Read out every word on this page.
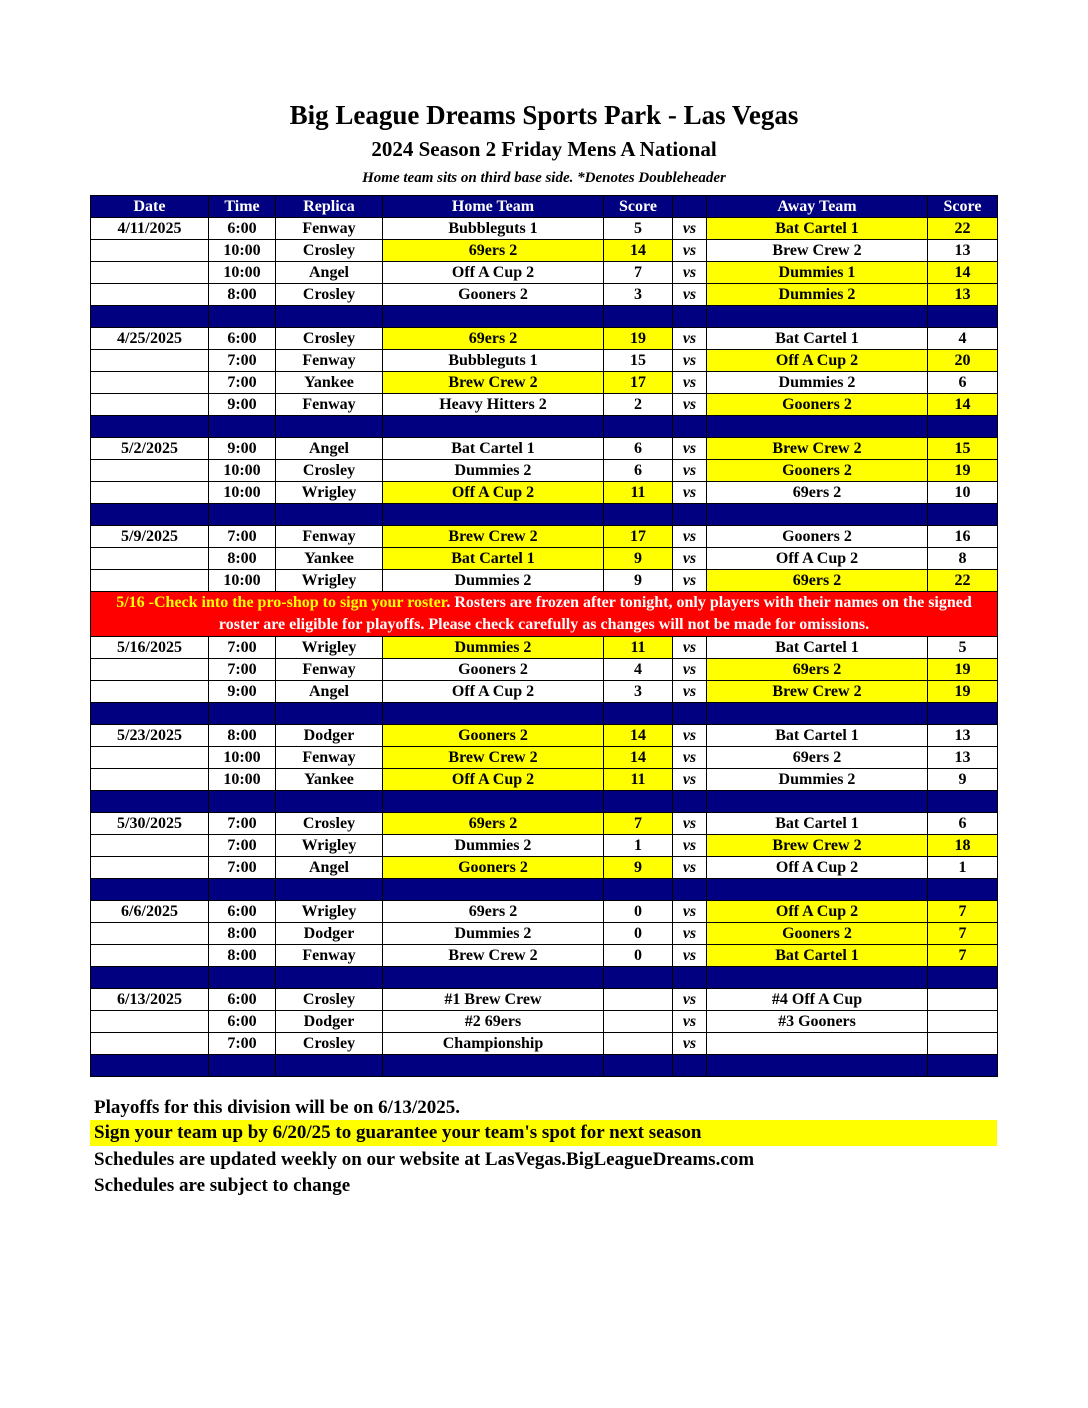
Big League Dreams Sports Park - Las Vegas
2024 Season 2 Friday Mens A National
Home team sits on third base side. *Denotes Doubleheader
Date	Time	Replica	Home Team	Score		Away Team	Score
4/11/2025	6:00	Fenway	Bubbleguts 1	5	vs	Bat Cartel 1	22
	10:00	Crosley	69ers 2	14	vs	Brew Crew 2	13
	10:00	Angel	Off A Cup 2	7	vs	Dummies 1	14
	8:00	Crosley	Gooners 2	3	vs	Dummies 2	13

4/25/2025	6:00	Crosley	69ers 2	19	vs	Bat Cartel 1	4
	7:00	Fenway	Bubbleguts 1	15	vs	Off A Cup 2	20
	7:00	Yankee	Brew Crew 2	17	vs	Dummies 2	6
	9:00	Fenway	Heavy Hitters 2	2	vs	Gooners 2	14

5/2/2025	9:00	Angel	Bat Cartel 1	6	vs	Brew Crew 2	15
	10:00	Crosley	Dummies 2	6	vs	Gooners 2	19
	10:00	Wrigley	Off A Cup 2	11	vs	69ers 2	10

5/9/2025	7:00	Fenway	Brew Crew 2	17	vs	Gooners 2	16
	8:00	Yankee	Bat Cartel 1	9	vs	Off A Cup 2	8
	10:00	Wrigley	Dummies 2	9	vs	69ers 2	22
5/16 -Check into the pro-shop to sign your roster. Rosters are frozen after tonight, only players with their names on the signed roster are eligible for playoffs. Please check carefully as changes will not be made for omissions.							
5/16/2025	7:00	Wrigley	Dummies 2	11	vs	Bat Cartel 1	5
	7:00	Fenway	Gooners 2	4	vs	69ers 2	19
	9:00	Angel	Off A Cup 2	3	vs	Brew Crew 2	19

5/23/2025	8:00	Dodger	Gooners 2	14	vs	Bat Cartel 1	13
	10:00	Fenway	Brew Crew 2	14	vs	69ers 2	13
	10:00	Yankee	Off A Cup 2	11	vs	Dummies 2	9

5/30/2025	7:00	Crosley	69ers 2	7	vs	Bat Cartel 1	6
	7:00	Wrigley	Dummies 2	1	vs	Brew Crew 2	18
	7:00	Angel	Gooners 2	9	vs	Off A Cup 2	1

6/6/2025	6:00	Wrigley	69ers 2	0	vs	Off A Cup 2	7
	8:00	Dodger	Dummies 2	0	vs	Gooners 2	7
	8:00	Fenway	Brew Crew 2	0	vs	Bat Cartel 1	7

6/13/2025	6:00	Crosley	#1 Brew Crew		vs	#4 Off A Cup	
	6:00	Dodger	#2 69ers		vs	#3 Gooners	
	7:00	Crosley	Championship		vs		

Playoffs for this division will be on 6/13/2025.
Sign your team up by 6/20/25 to guarantee your team's spot for next season
Schedules are updated weekly on our website at LasVegas.BigLeagueDreams.com
Schedules are subject to change
